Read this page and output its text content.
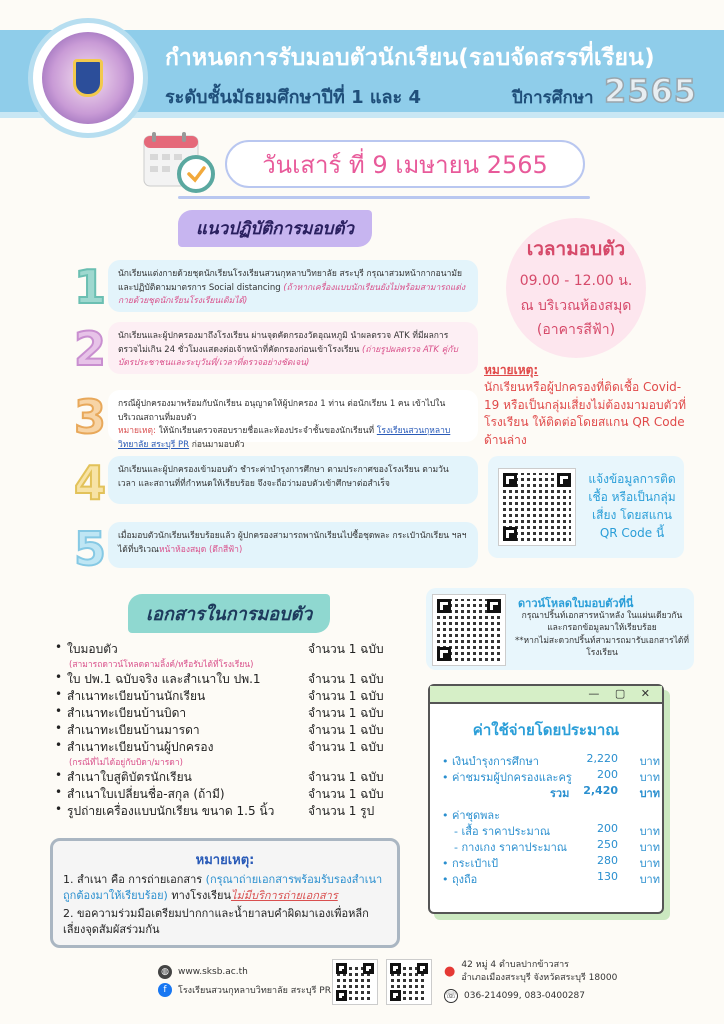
กำหนดการรับมอบตัวนักเรียน(รอบจัดสรรที่เรียน)
ระดับชั้นมัธยมศึกษาปีที่ 1 และ 4	ปีการศึกษา 2565
วันเสาร์ ที่ 9 เมษายน 2565
แนวปฏิบัติการมอบตัว
1	นักเรียนแต่งกายด้วยชุดนักเรียนโรงเรียนสวนกุหลาบวิทยาลัย สระบุรี กรุณาสวมหน้ากากอนามัย และปฏิบัติตามมาตรการ Social distancing (ถ้าหากเครื่องแบบนักเรียนยังไม่พร้อมสามารถแต่งกายด้วยชุดนักเรียนโรงเรียนเดิมได้)
2	นักเรียนและผู้ปกครองมาถึงโรงเรียน ผ่านจุดคัดกรองวัดอุณหภูมิ นำผลตรวจ ATK ที่มีผลการตรวจไม่เกิน 24 ชั่วโมงแสดงต่อเจ้าหน้าที่คัดกรองก่อนเข้าโรงเรียน (ถ่ายรูปผลตรวจ ATK คู่กับบัตรประชาชนและระบุวันที่/เวลาที่ตรวจอย่างชัดเจน)
3	กรณีผู้ปกครองมาพร้อมกับนักเรียน อนุญาตให้ผู้ปกครอง 1 ท่าน ต่อนักเรียน 1 คน เข้าไปในบริเวณสถานที่มอบตัว
หมายเหตุ: ให้นักเรียนตรวจสอบรายชื่อและห้องประจำชั้นของนักเรียนที่ โรงเรียนสวนกุหลาบวิทยาลัย สระบุรี PR ก่อนมามอบตัว
4	นักเรียนและผู้ปกครองเข้ามอบตัว ชำระค่าบำรุงการศึกษา ตามประกาศของโรงเรียน ตามวัน เวลา และสถานที่ที่กำหนดให้เรียบร้อย จึงจะถือว่ามอบตัวเข้าศึกษาต่อสำเร็จ
5	เมื่อมอบตัวนักเรียนเรียบร้อยแล้ว ผู้ปกครองสามารถพานักเรียนไปซื้อชุดพละ กระเป๋านักเรียน ฯลฯ ได้ที่บริเวณหน้าห้องสมุด (ตึกสีฟ้า)
เวลามอบตัว
09.00 - 12.00 น.
ณ บริเวณห้องสมุด
(อาคารสีฟ้า)
หมายเหตุ:
นักเรียนหรือผู้ปกครองที่ติดเชื้อ Covid-19 หรือเป็นกลุ่มเสี่ยงไม่ต้องมามอบตัวที่โรงเรียน ให้ติดต่อโดยสแกน QR Code ด้านล่าง
แจ้งข้อมูลการติดเชื้อ หรือเป็นกลุ่มเสี่ยง โดยสแกน QR Code นี้
เอกสารในการมอบตัว
ดาวน์โหลดใบมอบตัวที่นี่
กรุณาปริ้นท์เอกสารหน้าหลัง ในแผ่นเดียวกัน และกรอกข้อมูลมาให้เรียบร้อย
**หากไม่สะดวกปริ้นท์สามารถมารับเอกสารได้ที่โรงเรียน
• ใบมอบตัว	จำนวน 1 ฉบับ
(สามารถดาวน์โหลดตามลิ้งค์/หรือรับได้ที่โรงเรียน)
• ใบ ปพ.1 ฉบับจริง และสำเนาใบ ปพ.1	จำนวน 1 ฉบับ
• สำเนาทะเบียนบ้านนักเรียน	จำนวน 1 ฉบับ
• สำเนาทะเบียนบ้านบิดา	จำนวน 1 ฉบับ
• สำเนาทะเบียนบ้านมารดา	จำนวน 1 ฉบับ
• สำเนาทะเบียนบ้านผู้ปกครอง	จำนวน 1 ฉบับ
(กรณีที่ไม่ได้อยู่กับบิดา/มารดา)
• สำเนาใบสูติบัตรนักเรียน	จำนวน 1 ฉบับ
• สำเนาใบเปลี่ยนชื่อ-สกุล (ถ้ามี)	จำนวน 1 ฉบับ
• รูปถ่ายเครื่องแบบนักเรียน ขนาด 1.5 นิ้ว	จำนวน 1 รูป
— ▢ ✕
ค่าใช้จ่ายโดยประมาณ
• เงินบำรุงการศึกษา	2,220 บาท
• ค่าชมรมผู้ปกครองและครู 200 บาท
รวม 2,420 บาท
• ค่าชุดพละ
- เสื้อ ราคาประมาณ	200 บาท
- กางเกง ราคาประมาณ	250 บาท
• กระเป๋าเป้	280 บาท
• ถุงถือ	130 บาท
หมายเหตุ:
1. สำเนา คือ การถ่ายเอกสาร (กรุณาถ่ายเอกสารพร้อมรับรองสำเนาถูกต้องมาให้เรียบร้อย) ทางโรงเรียนไม่มีบริการถ่ายเอกสาร
2. ขอความร่วมมือเตรียมปากกาและน้ำยาลบคำผิดมาเองเพื่อหลีกเลี่ยงจุดสัมผัสร่วมกัน
◍	www.sksb.ac.th
f	โรงเรียนสวนกุหลาบวิทยาลัย สระบุรี PR
● 42 หมู่ 4 ตำบลปากข้าวสาร
อำเภอเมืองสระบุรี จังหวัดสระบุรี 18000
☏ 036-214099, 083-0400287
